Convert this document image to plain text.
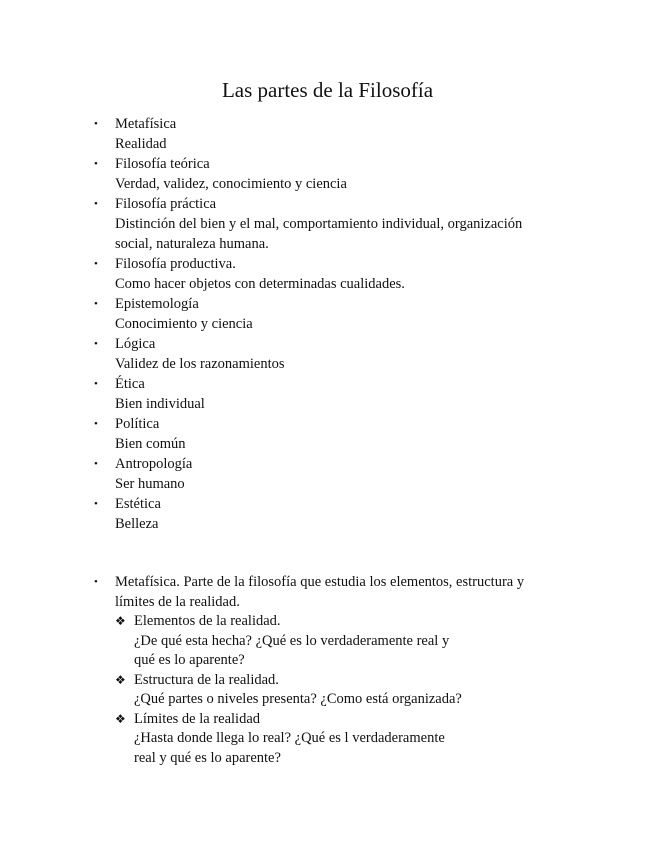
Las partes de la Filosofía
• Metafísica
Realidad
• Filosofía teórica
Verdad, validez, conocimiento y ciencia
• Filosofía práctica
Distinción del bien y el mal, comportamiento individual, organización social, naturaleza humana.
• Filosofía productiva.
Como hacer objetos con determinadas cualidades.
• Epistemología
Conocimiento y ciencia
• Lógica
Validez de los razonamientos
• Ética
Bien individual
• Política
Bien común
• Antropología
Ser humano
• Estética
Belleza
• Metafísica. Parte de la filosofía que estudia los elementos, estructura y límites de la realidad.
❖ Elementos de la realidad.
¿De qué esta hecha? ¿Qué es lo verdaderamente real y qué es lo aparente?
❖ Estructura de la realidad.
¿Qué partes o niveles presenta? ¿Como está organizada?
❖ Límites de la realidad
¿Hasta donde llega lo real? ¿Qué es l verdaderamente real y qué es lo aparente?
